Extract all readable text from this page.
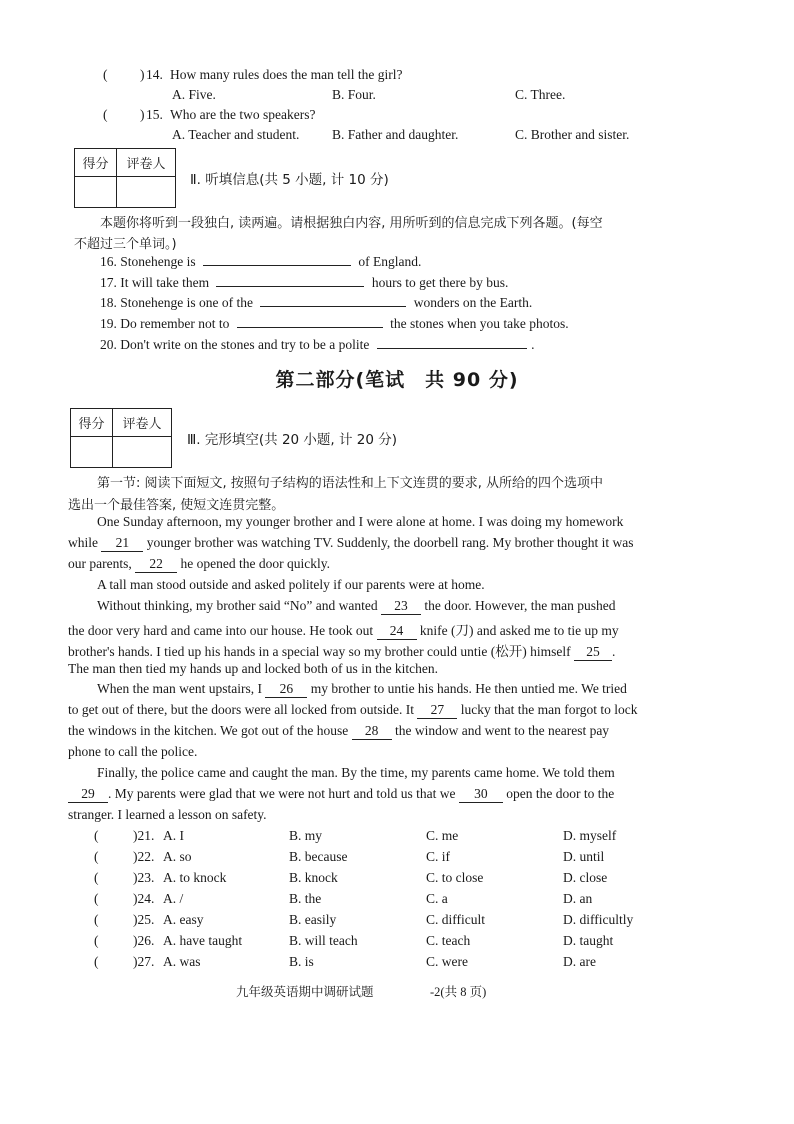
( ) 14. How many rules does the man tell the girl?
A. Five.	B. Four.	C. Three.
( ) 15. Who are the two speakers?
A. Teacher and student. B. Father and daughter.	C. Brother and sister.
得分	评卷人
Ⅱ. 听填信息(共 5 小题, 计 10 分)
本题你将听到一段独白, 读两遍。请根据独白内容, 用所听到的信息完成下列各题。(每空
不超过三个单词。)
16. Stonehenge is	of England.
17. It will take them	hours to get there by bus.
18. Stonehenge is one of the	wonders on the Earth.
19. Do remember not to	the stones when you take photos.
20. Don't write on the stones and try to be a polite	.
第二部分(笔试　共 90 分)
得分	评卷人
Ⅲ. 完形填空(共 20 小题, 计 20 分)
第一节: 阅读下面短文, 按照句子结构的语法性和上下文连贯的要求, 从所给的四个选项中
选出一个最佳答案, 使短文连贯完整。
One Sunday afternoon, my younger brother and I were alone at home. I was doing my homework
while 21 younger brother was watching TV. Suddenly, the doorbell rang. My brother thought it was
our parents, 22 he opened the door quickly.
A tall man stood outside and asked politely if our parents were at home.
Without thinking, my brother said “No” and wanted 23 the door. However, the man pushed
the door very hard and came into our house. He took out 24 knife (刀) and asked me to tie up my
brother's hands. I tied up his hands in a special way so my brother could untie (松开) himself 25 .
The man then tied my hands up and locked both of us in the kitchen.
When the man went upstairs, I 26 my brother to untie his hands. He then untied me. We tried
to get out of there, but the doors were all locked from outside. It 27 lucky that the man forgot to lock
the windows in the kitchen. We got out of the house 28 the window and went to the nearest pay
phone to call the police.
Finally, the police came and caught the man. By the time, my parents came home. We told them
29 . My parents were glad that we were not hurt and told us that we 30 open the door to the
stranger. I learned a lesson on safety.
(	)21. A. I	B. my	C. me	D. myself
(	)22. A. so	B. because	C. if	D. until
(	)23. A. to knock	B. knock	C. to close	D. close
(	)24. A. /	B. the	C. a	D. an
(	)25. A. easy	B. easily	C. difficult	D. difficultly
(	)26. A. have taught	B. will teach	C. teach	D. taught
(	)27. A. was	B. is	C. were	D. are
九年级英语期中调研试题	-2(共 8 页)
